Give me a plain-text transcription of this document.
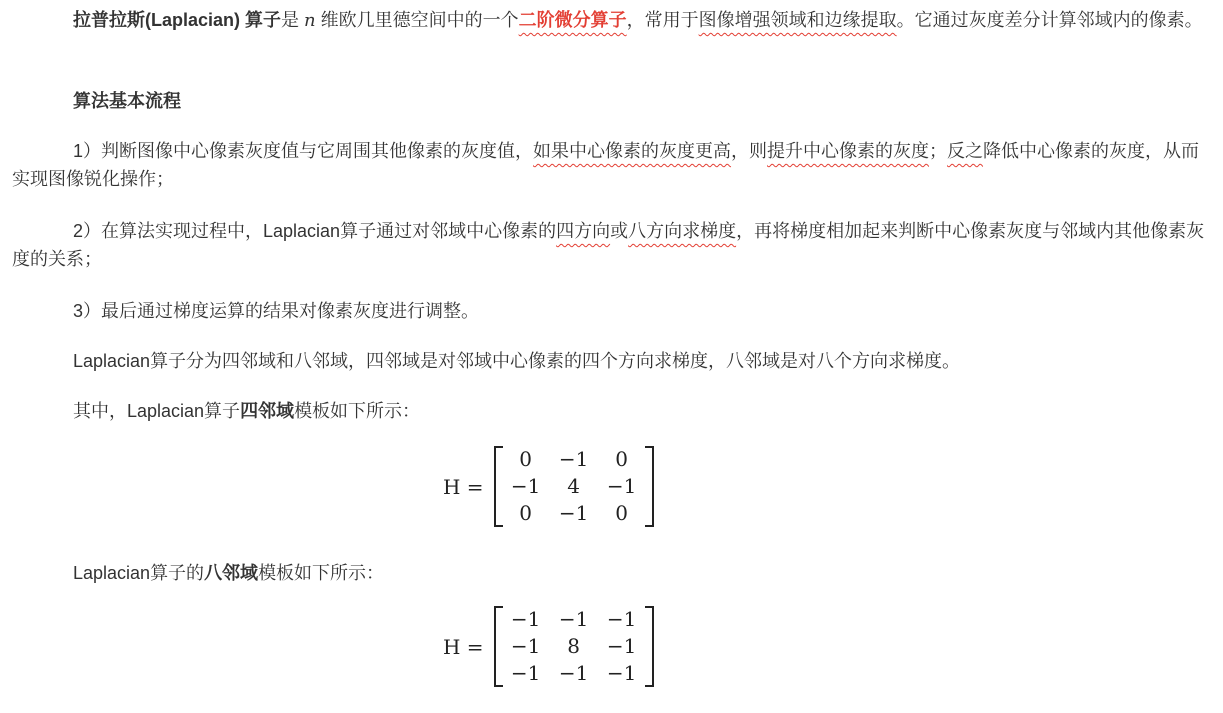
拉普拉斯(Laplacian) 算子是 n 维欧几里德空间中的一个二阶微分算子，常用于图像增强领域和边缘提取。它通过灰度差分计算邻域内的像素。

算法基本流程

1）判断图像中心像素灰度值与它周围其他像素的灰度值，如果中心像素的灰度更高，则提升中心像素的灰度；反之降低中心像素的灰度，从而实现图像锐化操作；

2）在算法实现过程中，Laplacian算子通过对邻域中心像素的四方向或八方向求梯度，再将梯度相加起来判断中心像素灰度与邻域内其他像素灰度的关系；

3）最后通过梯度运算的结果对像素灰度进行调整。

Laplacian算子分为四邻域和八邻域，四邻域是对邻域中心像素的四个方向求梯度，八邻域是对八个方向求梯度。

其中，Laplacian算子四邻域模板如下所示：

H =
0	−1	0
−1	4	−1
0	−1	0

Laplacian算子的八邻域模板如下所示：

H =
−1	−1	−1
−1	8	−1
−1	−1	−1
